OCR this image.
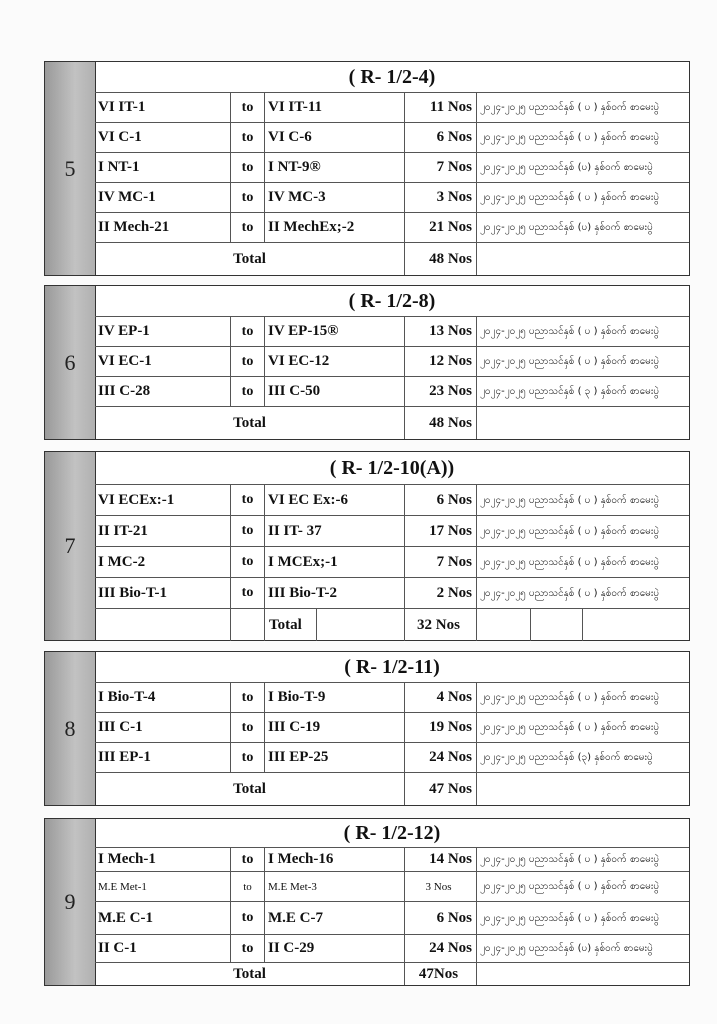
5
( R- 1/2-4)
VI IT-1	to VI IT-11	11 Nos ၂၀၂၄-၂၀၂၅ ပညာသင်နှစ် ( ပ ) နှစ်ဝက် စာမေးပွဲ
VI C-1	to VI C-6	6 Nos ၂၀၂၄-၂၀၂၅ ပညာသင်နှစ် ( ပ ) နှစ်ဝက် စာမေးပွဲ
I NT-1	to I NT-9®	7 Nos ၂၀၂၄-၂၀၂၅ ပညာသင်နှစ် (ပ) နှစ်ဝက် စာမေးပွဲ
IV MC-1	to IV MC-3	3 Nos ၂၀၂၄-၂၀၂၅ ပညာသင်နှစ် ( ပ ) နှစ်ဝက် စာမေးပွဲ
II Mech-21	to II MechEx;-2	21 Nos ၂၀၂၄-၂၀၂၅ ပညာသင်နှစ် (ပ) နှစ်ဝက် စာမေးပွဲ
Total	48 Nos
6
( R- 1/2-8)
IV EP-1	to IV EP-15®	13 Nos ၂၀၂၄-၂၀၂၅ ပညာသင်နှစ် ( ပ ) နှစ်ဝက် စာမေးပွဲ
VI EC-1	to VI EC-12	12 Nos ၂၀၂၄-၂၀၂၅ ပညာသင်နှစ် ( ပ ) နှစ်ဝက် စာမေးပွဲ
III C-28	to III C-50	23 Nos ၂၀၂၄-၂၀၂၅ ပညာသင်နှစ် ( ၃ ) နှစ်ဝက် စာမေးပွဲ
Total	48 Nos
7
( R- 1/2-10(A))
VI ECEx:-1	to VI EC Ex:-6	6 Nos ၂၀၂၄-၂၀၂၅ ပညာသင်နှစ် ( ပ ) နှစ်ဝက် စာမေးပွဲ
II IT-21	to II IT- 37	17 Nos ၂၀၂၄-၂၀၂၅ ပညာသင်နှစ် ( ပ ) နှစ်ဝက် စာမေးပွဲ
I MC-2	to I MCEx;-1	7 Nos ၂၀၂၄-၂၀၂၅ ပညာသင်နှစ် ( ပ ) နှစ်ဝက် စာမေးပွဲ
III Bio-T-1	to III Bio-T-2	2 Nos ၂၀၂၄-၂၀၂၅ ပညာသင်နှစ် ( ပ ) နှစ်ဝက် စာမေးပွဲ
Total	32 Nos
8
( R- 1/2-11)
I Bio-T-4	to I Bio-T-9	4 Nos ၂၀၂၄-၂၀၂၅ ပညာသင်နှစ် ( ပ ) နှစ်ဝက် စာမေးပွဲ
III C-1	to III C-19	19 Nos ၂၀၂၄-၂၀၂၅ ပညာသင်နှစ် ( ပ ) နှစ်ဝက် စာမေးပွဲ
III EP-1	to III EP-25	24 Nos ၂၀၂၄-၂၀၂၅ ပညာသင်နှစ် (၃) နှစ်ဝက် စာမေးပွဲ
Total	47 Nos
9
( R- 1/2-12)
I Mech-1	to I Mech-16	14 Nos ၂၀၂၄-၂၀၂၅ ပညာသင်နှစ် ( ပ ) နှစ်ဝက် စာမေးပွဲ
M.E Met-1	to	M.E Met-3	3 Nos	၂၀၂၄-၂၀၂၅ ပညာသင်နှစ် ( ပ ) နှစ်ဝက် စာမေးပွဲ
M.E C-1	to M.E C-7	6 Nos ၂၀၂၄-၂၀၂၅ ပညာသင်နှစ် ( ပ ) နှစ်ဝက် စာမေးပွဲ
II C-1	to II C-29	24 Nos ၂၀၂၄-၂၀၂၅ ပညာသင်နှစ် (ပ) နှစ်ဝက် စာမေးပွဲ
Total	47Nos
